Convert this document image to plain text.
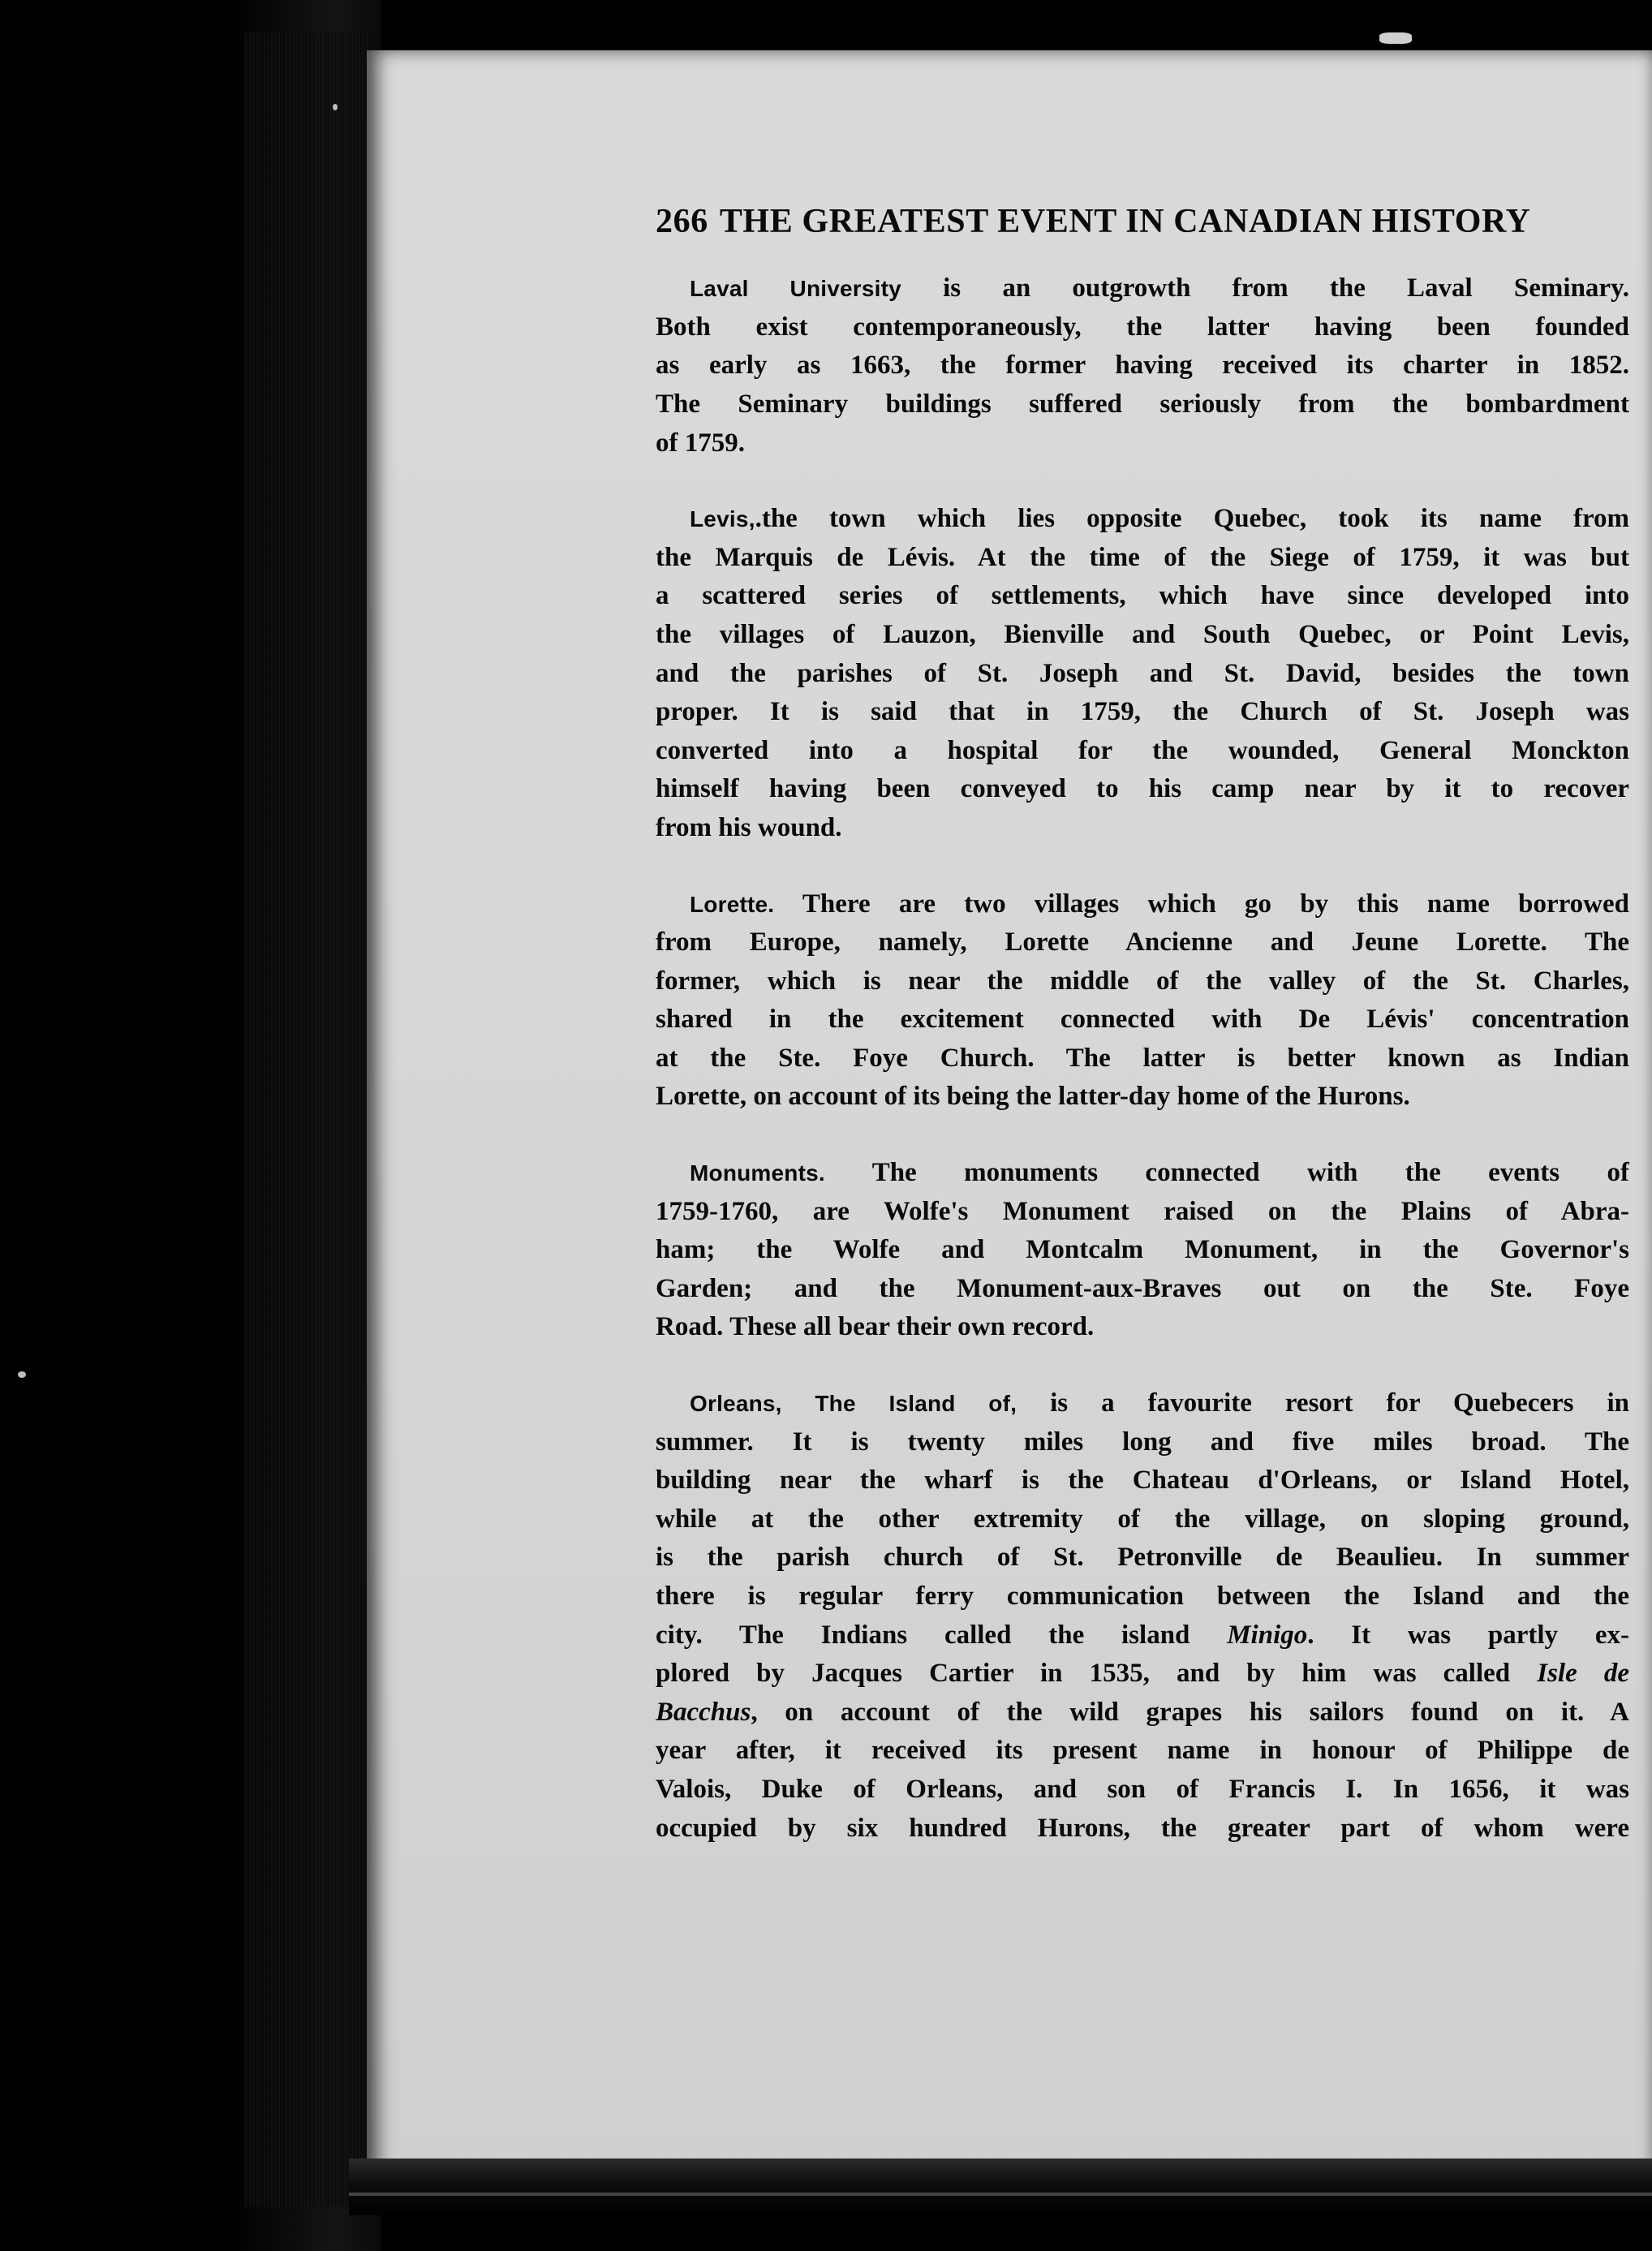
266 THE GREATEST EVENT IN CANADIAN HISTORY
Laval University is an outgrowth from the Laval Seminary.
Both exist contemporaneously, the latter having been founded
as early as 1663, the former having received its charter in 1852.
The Seminary buildings suffered seriously from the bombardment
of 1759.
Levis,.the town which lies opposite Quebec, took its name from
the Marquis de Lévis. At the time of the Siege of 1759, it was but
a scattered series of settlements, which have since developed into
the villages of Lauzon, Bienville and South Quebec, or Point Levis,
and the parishes of St. Joseph and St. David, besides the town
proper. It is said that in 1759, the Church of St. Joseph was
converted into a hospital for the wounded, General Monckton
himself having been conveyed to his camp near by it to recover
from his wound.
Lorette. There are two villages which go by this name borrowed
from Europe, namely, Lorette Ancienne and Jeune Lorette. The
former, which is near the middle of the valley of the St. Charles,
shared in the excitement connected with De Lévis' concentration
at the Ste. Foye Church. The latter is better known as Indian
Lorette, on account of its being the latter-day home of the Hurons.
Monuments. The monuments connected with the events of
1759-1760, are Wolfe's Monument raised on the Plains of Abra-
ham; the Wolfe and Montcalm Monument, in the Governor's
Garden; and the Monument-aux-Braves out on the Ste. Foye
Road. These all bear their own record.
Orleans, The Island of, is a favourite resort for Quebecers in
summer. It is twenty miles long and five miles broad. The
building near the wharf is the Chateau d'Orleans, or Island Hotel,
while at the other extremity of the village, on sloping ground,
is the parish church of St. Petronville de Beaulieu. In summer
there is regular ferry communication between the Island and the
city. The Indians called the island Minigo. It was partly ex-
plored by Jacques Cartier in 1535, and by him was called Isle de
Bacchus, on account of the wild grapes his sailors found on it. A
year after, it received its present name in honour of Philippe de
Valois, Duke of Orleans, and son of Francis I. In 1656, it was
occupied by six hundred Hurons, the greater part of whom were
